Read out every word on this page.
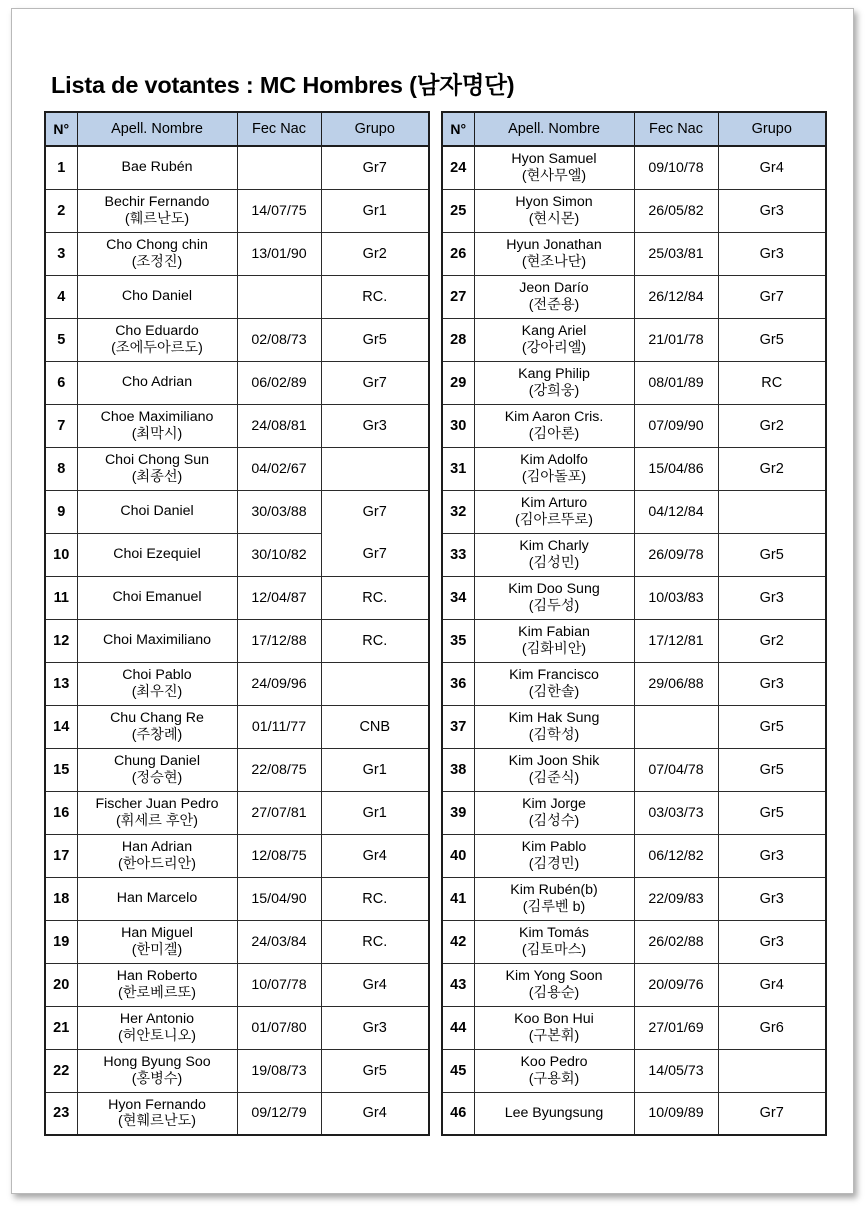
Lista de votantes : MC Hombres (남자명단)
N°	Apell. Nombre	Fec Nac	Grupo
1	Bae Rubén		Gr7
2	Bechir Fernando
(훼르난도)	14/07/75	Gr1
3	Cho Chong chin
(조정진)	13/01/90	Gr2
4	Cho Daniel		RC.
5	Cho Eduardo
(조에두아르도)	02/08/73	Gr5
6	Cho Adrian	06/02/89	Gr7
7	Choe Maximiliano
(최막시)	24/08/81	Gr3
8	Choi Chong Sun
(최종선)	04/02/67	
9	Choi Daniel	30/03/88	Gr7
10	Choi Ezequiel	30/10/82	Gr7
11	Choi Emanuel	12/04/87	RC.
12	Choi Maximiliano	17/12/88	RC.
13	Choi Pablo
(최우진)	24/09/96	
14	Chu Chang Re
(주창례)	01/11/77	CNB
15	Chung Daniel
(정승현)	22/08/75	Gr1
16	Fischer Juan Pedro
(휘세르 후안)	27/07/81	Gr1
17	Han Adrian
(한아드리안)	12/08/75	Gr4
18	Han Marcelo	15/04/90	RC.
19	Han Miguel
(한미겔)	24/03/84	RC.
20	Han Roberto
(한로베르또)	10/07/78	Gr4
21	Her Antonio
(허안토니오)	01/07/80	Gr3
22	Hong Byung Soo
(홍병수)	19/08/73	Gr5
23	Hyon Fernando
(현훼르난도)	09/12/79	Gr4
N°	Apell. Nombre	Fec Nac	Grupo
24	Hyon Samuel
(현사무엘)	09/10/78	Gr4
25	Hyon Simon
(현시몬)	26/05/82	Gr3
26	Hyun Jonathan
(현조나단)	25/03/81	Gr3
27	Jeon Darío
(전준용)	26/12/84	Gr7
28	Kang Ariel
(강아리엘)	21/01/78	Gr5
29	Kang Philip
(강희웅)	08/01/89	RC
30	Kim Aaron Cris.
(김아론)	07/09/90	Gr2
31	Kim Adolfo
(김아돌포)	15/04/86	Gr2
32	Kim Arturo
(김아르뚜로)	04/12/84	
33	Kim Charly
(김성민)	26/09/78	Gr5
34	Kim Doo Sung
(김두성)	10/03/83	Gr3
35	Kim Fabian
(김화비안)	17/12/81	Gr2
36	Kim Francisco
(김한솔)	29/06/88	Gr3
37	Kim Hak Sung
(김학성)		Gr5
38	Kim Joon Shik
(김준식)	07/04/78	Gr5
39	Kim Jorge
(김성수)	03/03/73	Gr5
40	Kim Pablo
(김경민)	06/12/82	Gr3
41	Kim Rubén(b)
(김루벤 b)	22/09/83	Gr3
42	Kim Tomás
(김토마스)	26/02/88	Gr3
43	Kim Yong Soon
(김용순)	20/09/76	Gr4
44	Koo Bon Hui
(구본휘)	27/01/69	Gr6
45	Koo Pedro
(구용회)	14/05/73	
46	Lee Byungsung	10/09/89	Gr7
